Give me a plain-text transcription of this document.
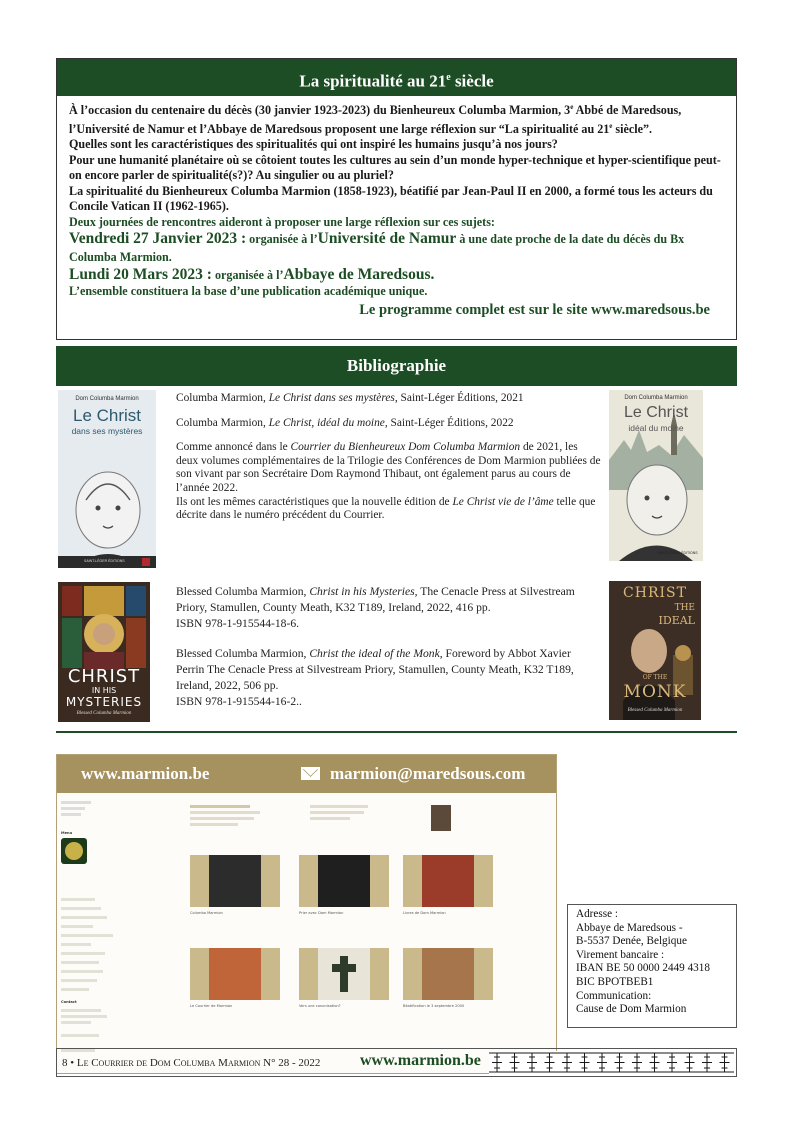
La spiritualité au 21e siècle

À l’occasion du centenaire du décès (30 janvier 1923-2023) du Bienheureux Columba Marmion, 3e Abbé de Maredsous, l’Université de Namur et l’Abbaye de Maredsous proposent une large réflexion sur “La spiritualité au 21e siècle”.

Quelles sont les caractéristiques des spiritualités qui ont inspiré les humains jusqu’à nos jours?

Pour une humanité planétaire où se côtoient toutes les cultures au sein d’un monde hyper-technique et hyper-scientifique peut-on encore parler de spiritualité(s?)? Au singulier ou au pluriel?

La spiritualité du Bienheureux Columba Marmion (1858-1923), béatifié par Jean-Paul II en 2000, a formé tous les acteurs du Concile Vatican II (1962-1965).

Deux journées de rencontres aideront à proposer une large réflexion sur ces sujets:

Vendredi 27 Janvier 2023 : organisée à l’Université de Namur à une date proche de la date du décès du Bx Columba Marmion.

Lundi 20 Mars 2023 : organisée à l’Abbaye de Maredsous.

L’ensemble constituera la base d’une publication académique unique.

Le programme complet est sur le site www.maredsous.be

Bibliographie
Dom Columba Marmion
Le Christ
dans ses mystères
SAINT-LÉGER ÉDITIONS

Columba Marmion, Le Christ dans ses mystères, Saint-Léger Éditions, 2021

Columba Marmion, Le Christ, idéal du moine, Saint-Léger Éditions, 2022

Comme annoncé dans le Courrier du Bienheureux Dom Columba Marmion de 2021, les deux volumes complémentaires de la Trilogie des Conférences de Dom Marmion publiées de son vivant par son Secrétaire Dom Raymond Thibaut, ont également parus au cours de l’année 2022.

Ils ont les mêmes caractéristiques que la nouvelle édition de Le Christ vie de l’âme telle que décrite dans le numéro précédent du Courrier.

Dom Columba Marmion
Le Christ
idéal du moine
SAINT-LÉGER ÉDITIONS
CHRIST
IN HIS
MYSTERIES
Blessed Columba Marmion

Blessed Columba Marmion, Christ in his Mysteries, The Cenacle Press at Silvestream Priory, Stamullen, County Meath, K32 T189, Ireland, 2022, 416 pp.

ISBN 978-1-915544-18-6.

Blessed Columba Marmion, Christ the ideal of the Monk, Foreword by Abbot Xavier Perrin The Cenacle Press at Silvestream Priory, Stamullen, County Meath, K32 T189, Ireland, 2022, 506 pp.

ISBN 978-1-915544-16-2..

CHRIST
THE
IDEAL
OF THE
MONK
Blessed Columba Marmion
www.marmion.be	marmion@maredsous.com
Menu
Contact
Columba Marmion	Prier avec Dom Marmion	Livres de Dom Marmion
Le Courrier de Marmion	Vers une canonisation?	Béatification le 3 septembre 2000
Adresse :
Abbaye de Maredsous -
B-5537 Denée, Belgique
Virement bancaire :
IBAN BE 50 0000 2449 4318
BIC BPOTBEB1
Communication:
Cause de Dom Marmion
8 • Le Courrier de Dom Columba Marmion N° 28 - 2022 www.marmion.be
